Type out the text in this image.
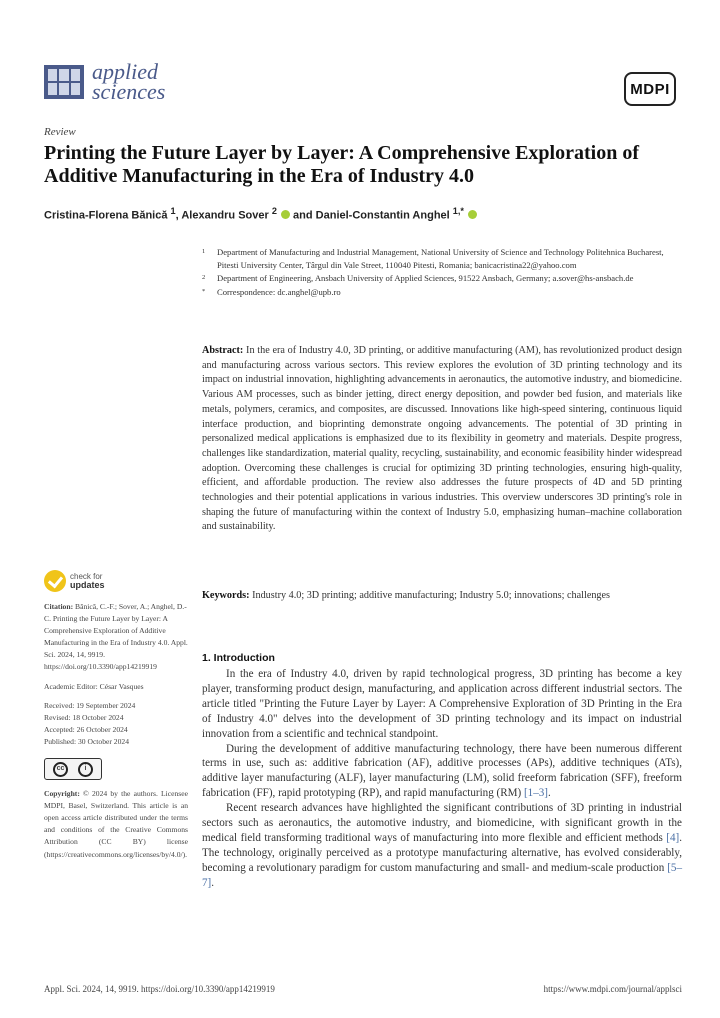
applied
sciences	MDPI
Review
Printing the Future Layer by Layer: A Comprehensive Exploration of Additive Manufacturing in the Era of Industry 4.0
Cristina-Florena Bănică $^1$, Alexandru Sover $^2$  and Daniel-Constantin Anghel $^{1,*}$
1	Department of Manufacturing and Industrial Management, National University of Science and Technology Politehnica Bucharest, Pitesti University Center, Târgul din Vale Street, 110040 Pitesti, Romania; banicacristina22@yahoo.com
2	Department of Engineering, Ansbach University of Applied Sciences, 91522 Ansbach, Germany; a.sover@hs-ansbach.de
*	Correspondence: dc.anghel@upb.ro
Abstract: In the era of Industry 4.0, 3D printing, or additive manufacturing (AM), has revolutionized product design and manufacturing across various sectors. This review explores the evolution of 3D printing technology and its impact on industrial innovation, highlighting advancements in aeronautics, the automotive industry, and biomedicine. Various AM processes, such as binder jetting, direct energy deposition, and powder bed fusion, and materials like metals, polymers, ceramics, and composites, are discussed. Innovations like high-speed sintering, continuous liquid interface production, and bioprinting demonstrate ongoing advancements. The potential of 3D printing in personalized medical applications is emphasized due to its flexibility in geometry and materials. Despite progress, challenges like standardization, material quality, recycling, sustainability, and economic feasibility hinder widespread adoption. Overcoming these challenges is crucial for optimizing 3D printing technologies, ensuring high-quality, efficient, and affordable production. The review also addresses the future prospects of 4D and 5D printing technologies and their potential applications in various industries. This overview underscores 3D printing's role in shaping the future of manufacturing within the context of Industry 5.0, emphasizing human–machine collaboration and sustainability.
Keywords: Industry 4.0; 3D printing; additive manufacturing; Industry 5.0; innovations; challenges
check for
updates

Citation: Bănică, C.-F.; Sover, A.; Anghel, D.-C. Printing the Future Layer by Layer: A Comprehensive Exploration of Additive Manufacturing in the Era of Industry 4.0. Appl. Sci. 2024, 14, 9919. https://doi.org/10.3390/app14219919

Academic Editor: César Vasques

Received: 19 September 2024

Revised: 18 October 2024

Accepted: 26 October 2024

Published: 30 October 2024

cc	i

Copyright: © 2024 by the authors. Licensee MDPI, Basel, Switzerland. This article is an open access article distributed under the terms and conditions of the Creative Commons Attribution (CC BY) license (https://creativecommons.org/licenses/by/4.0/).

1. Introduction

In the era of Industry 4.0, driven by rapid technological progress, 3D printing has become a key player, transforming product design, manufacturing, and application across different industrial sectors. The article titled "Printing the Future Layer by Layer: A Comprehensive Exploration of 3D Printing in the Era of Industry 4.0" delves into the development of 3D printing technology and its impact on industrial innovation from a scientific and technical standpoint.

During the development of additive manufacturing technology, there have been numerous different terms in use, such as: additive fabrication (AF), additive processes (APs), additive techniques (ATs), additive layer manufacturing (ALF), layer manufacturing (LM), solid freeform fabrication (SFF), freeform fabrication (FF), rapid prototyping (RP), and rapid manufacturing (RM) [1–3].

Recent research advances have highlighted the significant contributions of 3D printing in industrial sectors such as aeronautics, the automotive industry, and biomedicine, with significant growth in the medical field transforming traditional ways of manufacturing into more flexible and efficient methods [4]. The technology, originally perceived as a prototype manufacturing alternative, has evolved considerably, becoming a revolutionary paradigm for custom manufacturing and small- and medium-scale production [5–7].

Appl. Sci. 2024, 14, 9919. https://doi.org/10.3390/app14219919	https://www.mdpi.com/journal/applsci
